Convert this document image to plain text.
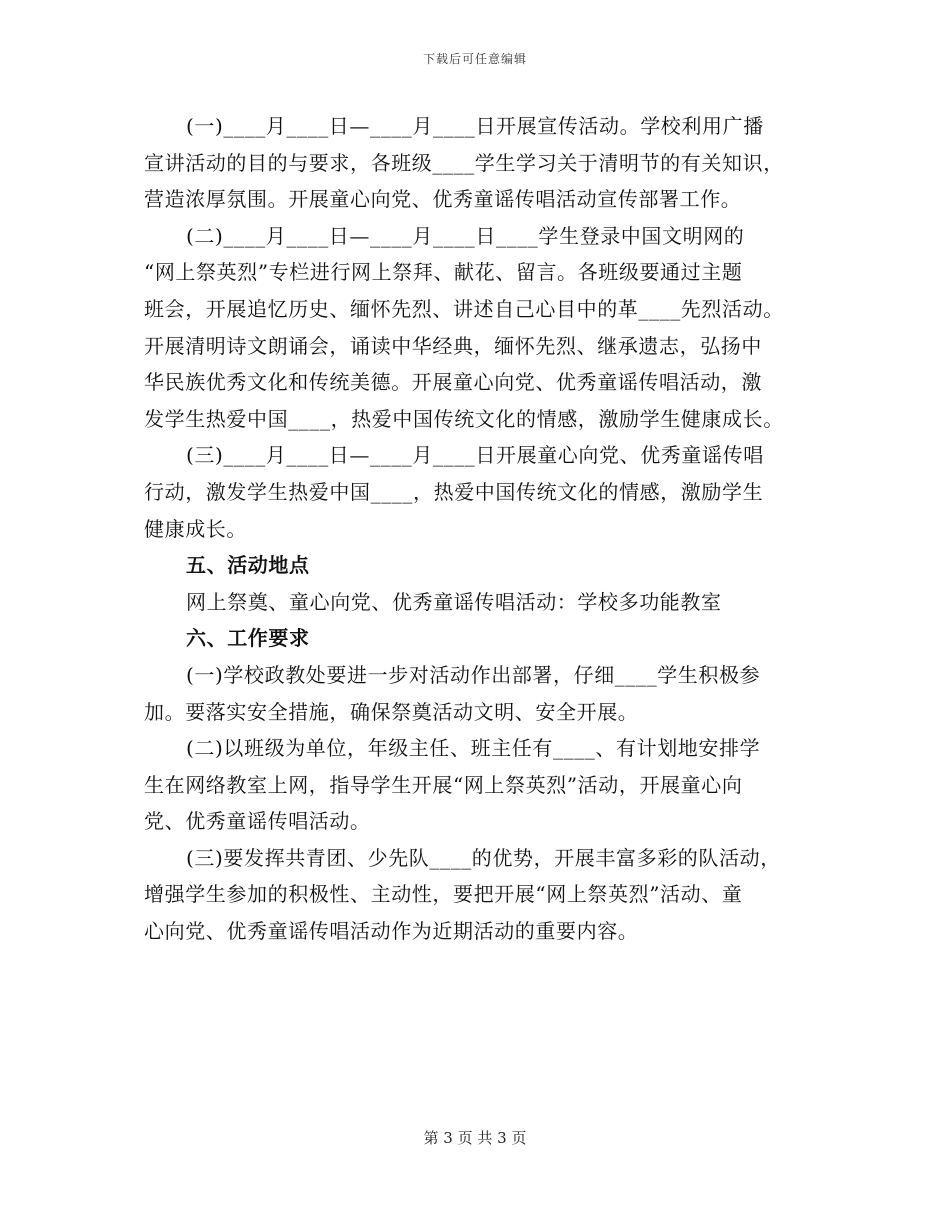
下载后可任意编辑
(一)____月____日—____月____日开展宣传活动。学校利用广播
宣讲活动的目的与要求，各班级____学生学习关于清明节的有关知识，
营造浓厚氛围。开展童心向党、优秀童谣传唱活动宣传部署工作。
(二)____月____日—____月____日____学生登录中国文明网的
“网上祭英烈”专栏进行网上祭拜、献花、留言。各班级要通过主题
班会，开展追忆历史、缅怀先烈、讲述自己心目中的革____先烈活动。
开展清明诗文朗诵会，诵读中华经典，缅怀先烈、继承遗志，弘扬中
华民族优秀文化和传统美德。开展童心向党、优秀童谣传唱活动，激
发学生热爱中国____，热爱中国传统文化的情感，激励学生健康成长。
(三)____月____日—____月____日开展童心向党、优秀童谣传唱
行动，激发学生热爱中国____，热爱中国传统文化的情感，激励学生
健康成长。
五、活动地点
网上祭奠、童心向党、优秀童谣传唱活动：学校多功能教室
六、工作要求
(一)学校政教处要进一步对活动作出部署，仔细____学生积极参
加。要落实安全措施，确保祭奠活动文明、安全开展。
(二)以班级为单位，年级主任、班主任有____、有计划地安排学
生在网络教室上网，指导学生开展“网上祭英烈”活动，开展童心向
党、优秀童谣传唱活动。
(三)要发挥共青团、少先队____的优势，开展丰富多彩的队活动，
增强学生参加的积极性、主动性，要把开展“网上祭英烈”活动、童
心向党、优秀童谣传唱活动作为近期活动的重要内容。
第 3 页 共 3 页
